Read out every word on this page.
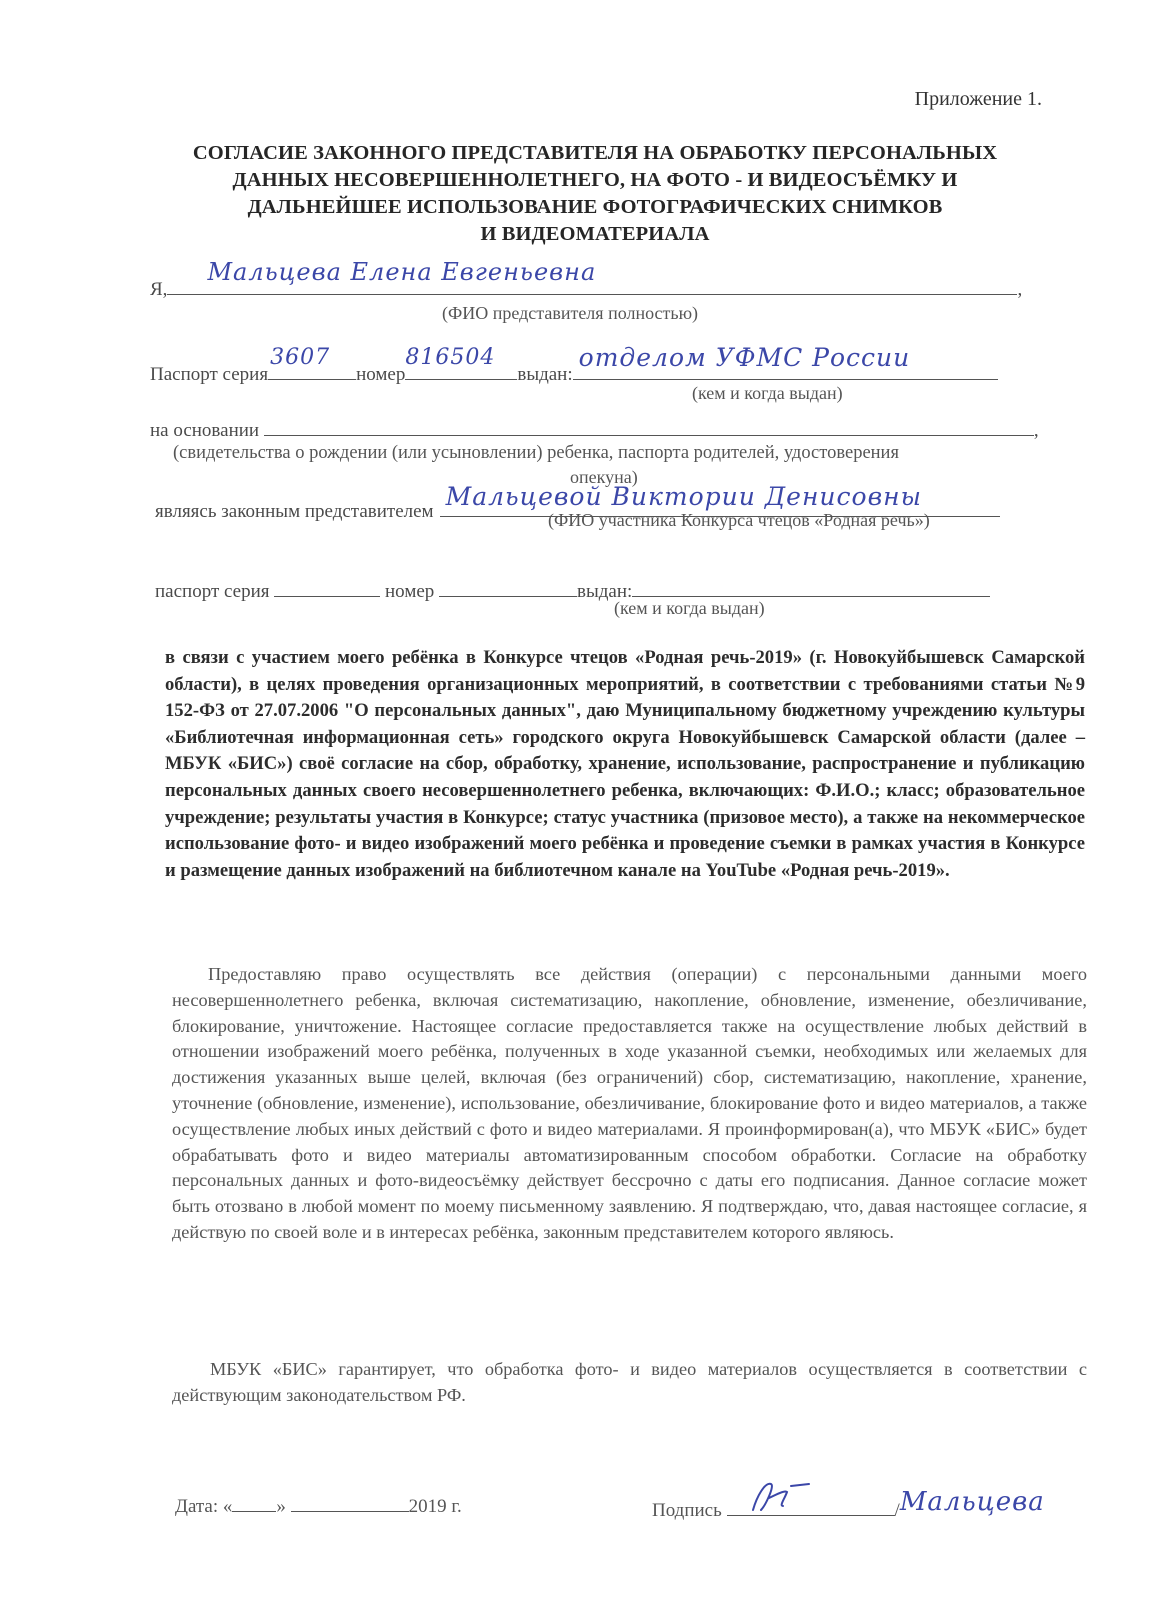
Приложение 1.
СОГЛАСИЕ ЗАКОННОГО ПРЕДСТАВИТЕЛЯ НА ОБРАБОТКУ ПЕРСОНАЛЬНЫХ
ДАННЫХ НЕСОВЕРШЕННОЛЕТНЕГО, НА ФОТО - И ВИДЕОСЪЁМКУ И
ДАЛЬНЕЙШЕЕ ИСПОЛЬЗОВАНИЕ ФОТОГРАФИЧЕСКИХ СНИМКОВ
И ВИДЕОМАТЕРИАЛА
Я,
Мальцева Елена Евгеньевна
,
(ФИО представителя полностью)
Паспорт серия
3607
номер
816504
выдан:
отделом УФМС России
(кем и когда выдан)
на основании	,
(свидетельства о рождении (или усыновлении) ребенка, паспорта родителей, удостоверения
опекуна)
являясь законным представителем
Мальцевой Виктории Денисовны
(ФИО участника Конкурса чтецов «Родная речь»)
паспорт серия	номер	выдан:
(кем и когда выдан)
в связи с участием моего ребёнка в Конкурсе чтецов «Родная речь-2019» (г. Новокуйбышевск Самарской области), в целях проведения организационных мероприятий, в соответствии с требованиями статьи №9 152-ФЗ от 27.07.2006 "О персональных данных", даю Муниципальному бюджетному учреждению культуры «Библиотечная информационная сеть» городского округа Новокуйбышевск Самарской области (далее – МБУК «БИС») своё согласие на сбор, обработку, хранение, использование, распространение и публикацию персональных данных своего несовершеннолетнего ребенка, включающих: Ф.И.О.; класс; образовательное учреждение; результаты участия в Конкурсе; статус участника (призовое место), а также на некоммерческое использование фото- и видео изображений моего ребёнка и проведение съемки в рамках участия в Конкурсе и размещение данных изображений на библиотечном канале на YouTube «Родная речь-2019».
Предоставляю право осуществлять все действия (операции) с персональными данными моего несовершеннолетнего ребенка, включая систематизацию, накопление, обновление, изменение, обезличивание, блокирование, уничтожение. Настоящее согласие предоставляется также на осуществление любых действий в отношении изображений моего ребёнка, полученных в ходе указанной съемки, необходимых или желаемых для достижения указанных выше целей, включая (без ограничений) сбор, систематизацию, накопление, хранение, уточнение (обновление, изменение), использование, обезличивание, блокирование фото и видео материалов, а также осуществление любых иных действий с фото и видео материалами. Я проинформирован(а), что МБУК «БИС» будет обрабатывать фото и видео материалы автоматизированным способом обработки. Согласие на обработку персональных данных и фото-видеосъёмку действует бессрочно с даты его подписания. Данное согласие может быть отозвано в любой момент по моему письменному заявлению. Я подтверждаю, что, давая настоящее согласие, я действую по своей воле и в интересах ребёнка, законным представителем которого являюсь.
МБУК «БИС» гарантирует, что обработка фото- и видео материалов осуществляется в соответствии с действующим законодательством РФ.
Дата: « »	2019 г.	Подпись	/Мальцева
